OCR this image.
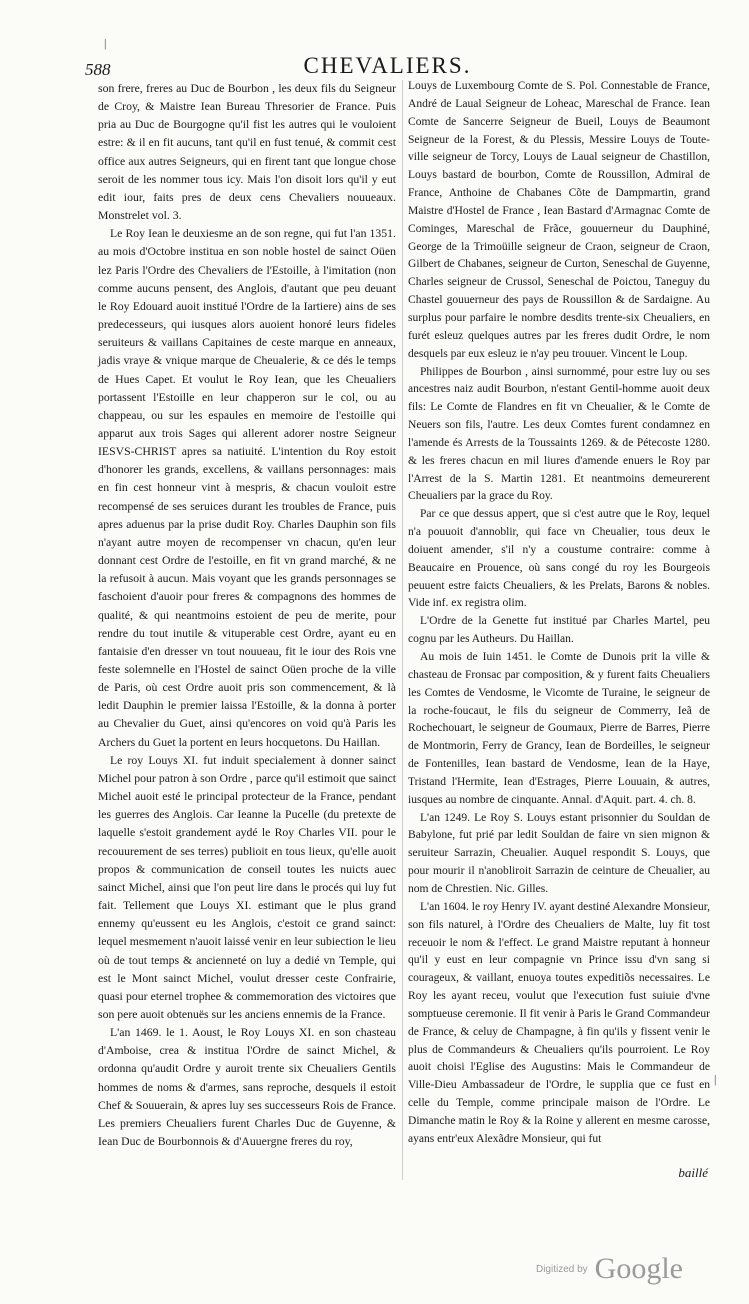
|
|
588	CHEVALIERS.

son frere, freres au Duc de Bourbon , les deux fils du Seigneur de Croy, & Maistre Iean Bureau Thresorier de France. Puis pria au Duc de Bourgogne qu'il fist les autres qui le vouloient estre: & il en fit aucuns, tant qu'il en fust tenué, & commit cest office aux autres Seigneurs, qui en firent tant que longue chose seroit de les nommer tous icy. Mais l'on disoit lors qu'il y eut edit iour, faits pres de deux cens Chevaliers nouueaux. Monstrelet vol. 3.

Le Roy Iean le deuxiesme an de son regne, qui fut l'an 1351. au mois d'Octobre institua en son noble hostel de sainct Oüen lez Paris l'Ordre des Chevaliers de l'Estoille, à l'imitation (non comme aucuns pensent, des Anglois, d'autant que peu deuant le Roy Edouard auoit institué l'Ordre de la Iartiere) ains de ses predecesseurs, qui iusques alors auoient honoré leurs fideles seruiteurs & vaillans Capitaines de ceste marque en anneaux, jadis vraye & vnique marque de Cheualerie, & ce dés le temps de Hues Capet. Et voulut le Roy Iean, que les Cheualiers portassent l'Estoille en leur chapperon sur le col, ou au chappeau, ou sur les espaules en memoire de l'estoille qui apparut aux trois Sages qui allerent adorer nostre Seigneur IESVS-CHRIST apres sa natiuité. L'intention du Roy estoit d'honorer les grands, excellens, & vaillans personnages: mais en fin cest honneur vint à mespris, & chacun vouloit estre recompensé de ses seruices durant les troubles de France, puis apres aduenus par la prise dudit Roy. Charles Dauphin son fils n'ayant autre moyen de recompenser vn chacun, qu'en leur donnant cest Ordre de l'estoille, en fit vn grand marché, & ne la refusoit à aucun. Mais voyant que les grands personnages se faschoient d'auoir pour freres & compagnons des hommes de qualité, & qui neantmoins estoient de peu de merite, pour rendre du tout inutile & vituperable cest Ordre, ayant eu en fantaisie d'en dresser vn tout nouueau, fit le iour des Rois vne feste solemnelle en l'Hostel de sainct Oüen proche de la ville de Paris, où cest Ordre auoit pris son commencement, & là ledit Dauphin le premier laissa l'Estoille, & la donna à porter au Chevalier du Guet, ainsi qu'encores on void qu'à Paris les Archers du Guet la portent en leurs hocquetons. Du Haillan.

Le roy Louys XI. fut induit specialement à donner sainct Michel pour patron à son Ordre , parce qu'il estimoit que sainct Michel auoit esté le principal protecteur de la France, pendant les guerres des Anglois. Car Ieanne la Pucelle (du pretexte de laquelle s'estoit grandement aydé le Roy Charles VII. pour le recouurement de ses terres) publioit en tous lieux, qu'elle auoit propos & communication de conseil toutes les nuicts auec sainct Michel, ainsi que l'on peut lire dans le procés qui luy fut fait. Tellement que Louys XI. estimant que le plus grand ennemy qu'eussent eu les Anglois, c'estoit ce grand sainct: lequel mesmement n'auoit laissé venir en leur subiection le lieu où de tout temps & ancienneté on luy a dedié vn Temple, qui est le Mont sainct Michel, voulut dresser ceste Confrairie, quasi pour eternel trophee & commemoration des victoires que son pere auoit obtenuës sur les anciens ennemis de la France.

L'an 1469. le 1. Aoust, le Roy Louys XI. en son chasteau d'Amboise, crea & institua l'Ordre de sainct Michel, & ordonna qu'audit Ordre y auroit trente six Cheualiers Gentils hommes de noms & d'armes, sans reproche, desquels il estoit Chef & Souuerain, & apres luy ses successeurs Rois de France. Les premiers Cheualiers furent Charles Duc de Guyenne, & Iean Duc de Bourbonnois & d'Auuergne freres du roy,

Louys de Luxembourg Comte de S. Pol. Connestable de France, André de Laual Seigneur de Loheac, Mareschal de France. Iean Comte de Sancerre Seigneur de Bueil, Louys de Beaumont Seigneur de la Forest, & du Plessis, Messire Louys de Toute-ville seigneur de Torcy, Louys de Laual seigneur de Chastillon, Louys bastard de bourbon, Comte de Roussillon, Admiral de France, Anthoine de Chabanes Cõte de Dampmartin, grand Maistre d'Hostel de France , Iean Bastard d'Armagnac Comte de Cominges, Mareschal de Frãce, gouuerneur du Dauphiné, George de la Trimoüille seigneur de Craon, seigneur de Craon, Gilbert de Chabanes, seigneur de Curton, Seneschal de Guyenne, Charles seigneur de Crussol, Seneschal de Poictou, Taneguy du Chastel gouuerneur des pays de Roussillon & de Sardaigne. Au surplus pour parfaire le nombre desdits trente-six Cheualiers, en furét esleuz quelques autres par les freres dudit Ordre, le nom desquels par eux esleuz ie n'ay peu trouuer. Vincent le Loup.

Philippes de Bourbon , ainsi surnommé, pour estre luy ou ses ancestres naiz audit Bourbon, n'estant Gentil-homme auoit deux fils: Le Comte de Flandres en fit vn Cheualier, & le Comte de Neuers son fils, l'autre. Les deux Comtes furent condamnez en l'amende és Arrests de la Toussaints 1269. & de Pétecoste 1280. & les freres chacun en mil liures d'amende enuers le Roy par l'Arrest de la S. Martin 1281. Et neantmoins demeurerent Cheualiers par la grace du Roy.

Par ce que dessus appert, que si c'est autre que le Roy, lequel n'a pouuoit d'annoblir, qui face vn Cheualier, tous deux le doiuent amender, s'il n'y a coustume contraire: comme à Beaucaire en Prouence, où sans congé du roy les Bourgeois peuuent estre faicts Cheualiers, & les Prelats, Barons & nobles. Vide inf. ex registra olim.

L'Ordre de la Genette fut institué par Charles Martel, peu cognu par les Autheurs. Du Haillan.

Au mois de Iuin 1451. le Comte de Dunois prit la ville & chasteau de Fronsac par composition, & y furent faits Cheualiers les Comtes de Vendosme, le Vicomte de Turaine, le seigneur de la roche-foucaut, le fils du seigneur de Commerry, Ieã de Rochechouart, le seigneur de Goumaux, Pierre de Barres, Pierre de Montmorin, Ferry de Grancy, Iean de Bordeilles, le seigneur de Fontenilles, Iean bastard de Vendosme, Iean de la Haye, Tristand l'Hermite, Iean d'Estrages, Pierre Louuain, & autres, iusques au nombre de cinquante. Annal. d'Aquit. part. 4. ch. 8.

L'an 1249. Le Roy S. Louys estant prisonnier du Souldan de Babylone, fut prié par ledit Souldan de faire vn sien mignon & seruiteur Sarrazin, Cheualier. Auquel respondit S. Louys, que pour mourir il n'anobliroit Sarrazin de ceinture de Cheualier, au nom de Chrestien. Nic. Gilles.

L'an 1604. le roy Henry IV. ayant destiné Alexandre Monsieur, son fils naturel, à l'Ordre des Cheualiers de Malte, luy fit tost receuoir le nom & l'effect. Le grand Maistre reputant à honneur qu'il y eust en leur compagnie vn Prince issu d'vn sang si courageux, & vaillant, enuoya toutes expeditiõs necessaires. Le Roy les ayant receu, voulut que l'execution fust suiuie d'vne somptueuse ceremonie. Il fit venir à Paris le Grand Commandeur de France, & celuy de Champagne, à fin qu'ils y fissent venir le plus de Commandeurs & Cheualiers qu'ils pourroient. Le Roy auoit choisi l'Eglise des Augustins: Mais le Commandeur de Ville-Dieu Ambassadeur de l'Ordre, le supplia que ce fust en celle du Temple, comme principale maison de l'Ordre. Le Dimanche matin le Roy & la Roine y allerent en mesme carosse, ayans entr'eux Alexãdre Monsieur, qui fut

baillé
Digitized by Google
